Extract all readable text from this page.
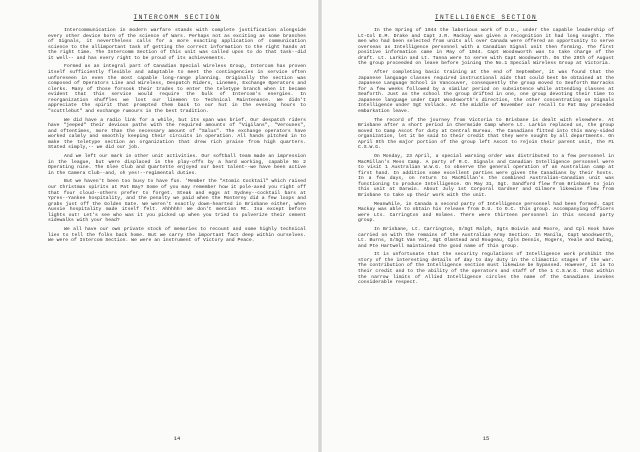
INTERCOMM SECTION

Intercommunication in modern warfare stands with complete justification alongside every other device born of the science of Wars. Perhaps not as exciting as some branches of Signals, it nevertheless calls for a more exacting application of communication science to the allimportant task of getting the correct information to the right hands at the right time. The Intercomm Section of this unit was called upon to do that task--did it well-- and has every right to be proud of its achievements.

Formed as an integral part of Canadian Special Wireless Group, Intercom has proven itself sufficiently flexible and adaptable to meet the contingencies in service often unforeseen in even the most capable long-range planning. Originally the section was composed of Operators Line and Wireless, Despatch Riders, Linemen, Exchange Operators and clerks. Many of those forsook their trades to enter the teletype branch when it became evident that this service would require the bulk of Intercom's energies. In reorganization shuffles we lost our linemen to Technical Maintenance. We didn't appreciate the spirit that prompted them back to our hut in the evening hours to "scuttlebut" and exchange rumours in the best tradition.

We did have a radio link for a while, but its span was brief. Our despatch riders have "jeeped" their devious paths with the required amounts of "Vigilans", "Verounes", and oftentimes, more than the necessary amount of "Salus". The exchange operators have worked calmly and smoothly keeping their circuits in operation. All hands pitched in to make the teletype section an organization that drew rich praise from high quarters. Stated simply,-- we did our job.

And we left our mark in other unit activities. Our softball team made an impression in the league, but were displaced in the play-offs by a hard working, capable No 2 Operating nine. The Glee Club and Quartette enjoyed our best talent--we have been active in the Camera Club--and, oh yes!--regimental duties.

But we haven't been too busy to have fun. 'Member the "Atomic Cocktail" which raised our Christmas spirits at Pat Bay? Some of you may remember how it pole-axed you right off that four cloud--others prefer to forget. Steak and eggs at Sydney--cocktail bars at Ypres--Yankee hospitality, and the penalty we paid when the Monterey did a few loops and grabs just off the Golden Gate. We weren't exactly down-hearted in Brisbane either, when Aussie hospitality made itself felt. Ahhhhh! We don't mention Mt. Isa except before lights out! Let's see who was it you picked up when you tried to pulverize their cement sidewalks with your head?

We all have our own private stock of memories to recount and some highly technical lies to tell the folks back home. But we carry the important fact deep within ourselves. We were of Intercom Section. We were an instrument of Victory and Peace.

14
INTELLIGENCE SECTION

In the Spring of 1944 the laborious work of D.U., under the capable leadership of Lt-Col E.M. Drake and Capt J.R. Mackay was given a recognition it had long sought. The men who had been selected from units all over Canada were offered an opportunity to serve overseas as Intelligence personnel with a Canadian Signal unit then forming. The first positive information came in May of 1944. Capt Woodsworth was to take charge of the draft. Lt. Larkin and Lt. Tanna were to serve with Capt Woodsworth. On the 29th of August the group proceeded on leave before joining the No.1 Special Wireless Group at Victoria.

After completing basic training at the end of September, it was found that the Japanese language classes required instructional aids that could best be obtained at the Japanese Language School in Vancouver, consequently the group moved to Seaforth Barracks for a few weeks followed by a similar period on subsistence while attending classes at Seaforth. Just as the school the group drifted in one, one group devoting their time to Japanese language under Capt Woodsworth's direction, the other concentrating on Signals Intelligence under Sgt Vollack. At the middle of November our recall to Pat Bay preceded embarkation leave.

The record of the journey from Victoria to Brisbane is dealt with elsewhere. At Brisbane after a short period in Chermside Camp where Lt. Larkin replaced us, the group moved to Camp Ascot for duty at Central Bureau. The Canadians fitted into this many-sided organization, let it be said to their credit that they were sought by all departments. On April 9th the major portion of the group left Ascot to rejoin their parent unit, the #1 C.S.W.G.

On Monday, 23 April, a special warning order was distributed to a few personnel in MacMillan's Mess Camp. A party of R.C. Signals and Canadian Intelligence personnel were to visit 1 Australian W.W.G. to observe the general operation of an Australian camp at first hand. In addition some excellent parties were given the Canadians by their hosts. In a few days, on return to MacMillan's the combined Australian-Canadian unit was functioning to produce Intelligence. On May 31, Sgt. Sandford flew from Brisbane to join this unit at Darwin. About July 1st Corporal Gardner and Gilmore likewise flew from Brisbane to take up their work with the unit.

Meanwhile, in Canada a second party of Intelligence personnel had been formed. Capt Mackay was able to obtain his release from D.U. to O.C. this group. Accompanying officers were Lts. Carrington and Holmes. There were thirteen personnel in this second party group.

In Brisbane, Lt. Carrington, S/Sgt Ralph, Sgts Boivin and Moore, and Cpl Hook have carried on with the remains of the Australian Army Section. In Manila, Capt Woodsworth, Lt. Burns, S/Sgt Van Vet, Sgt Olmstead and Rougeau, Cpls Dennis, Rogers, Yeale and Ewing, and Pte Hartwell maintained the good name of this group.

It is unfortunate that the security regulations of Intelligence work prohibit the story of the interesting details of day to day duty in the climactic stages of the war. The contribution of the Intelligence section must likewise be bypassed. However, it is to their credit and to the ability of the operators and staff of the 1 C.S.W.G. that within the narrow limits of Allied Intelligence circles the name of the Canadians invokes considerable respect.

15
